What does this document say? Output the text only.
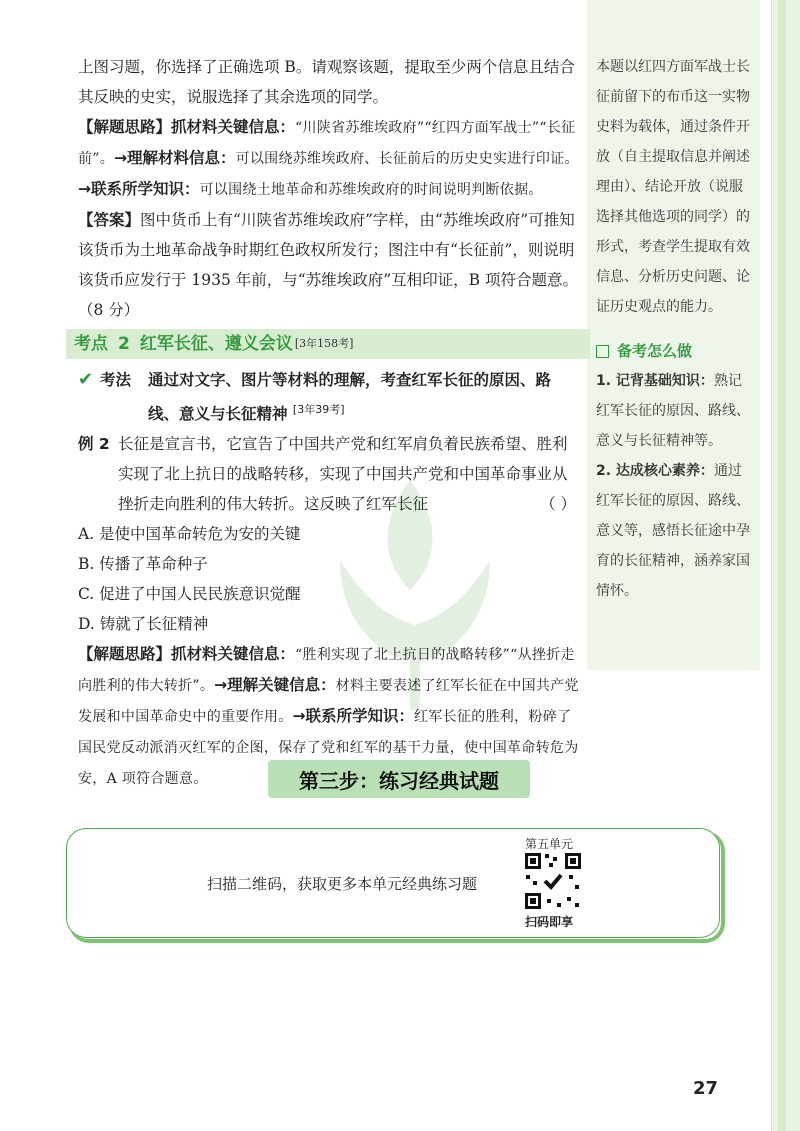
上图习题，你选择了正确选项 B。请观察该题，提取至少两个信息且结合其反映的史实，说服选择了其余选项的同学。

【解题思路】抓材料关键信息：“川陕省苏维埃政府”“红四方面军战士”“长征前”。→理解材料信息：可以围绕苏维埃政府、长征前后的历史史实进行印证。→联系所学知识：可以围绕土地革命和苏维埃政府的时间说明判断依据。

【答案】图中货币上有“川陕省苏维埃政府”字样，由“苏维埃政府”可推知该货币为土地革命战争时期红色政权所发行；图注中有“长征前”，则说明该货币应发行于 1935 年前，与“苏维埃政府”互相印证，B 项符合题意。（8 分）

考点 2 红军长征、遵义会议 [3年158考]
✔ 考法	通过对文字、图片等材料的理解，考查红军长征的原因、路线、意义与长征精神 [3年39考]
例 2 长征是宣言书，它宣告了中国共产党和红军肩负着民族希望、胜利实现了北上抗日的战略转移，实现了中国共产党和中国革命事业从挫折走向胜利的伟大转折。这反映了红军长征	（ ）

A. 是使中国革命转危为安的关键

B. 传播了革命种子

C. 促进了中国人民民族意识觉醒

D. 铸就了长征精神

【解题思路】抓材料关键信息：“胜利实现了北上抗日的战略转移”“从挫折走向胜利的伟大转折”。→理解关键信息：材料主要表述了红军长征在中国共产党发展和中国革命史中的重要作用。→联系所学知识：红军长征的胜利，粉碎了国民党反动派消灭红军的企图，保存了党和红军的基干力量，使中国革命转危为安，A 项符合题意。

本题以红四方面军战士长征前留下的布币这一实物史料为载体，通过条件开放（自主提取信息并阐述理由）、结论开放（说服选择其他选项的同学）的形式，考查学生提取有效信息、分析历史问题、论证历史观点的能力。
备考怎么做
1. 记背基础知识：熟记红军长征的原因、路线、意义与长征精神等。
2. 达成核心素养：通过红军长征的原因、路线、意义等，感悟长征途中孕育的长征精神，涵养家国情怀。
第三步：练习经典试题
扫描二维码，获取更多本单元经典练习题
第五单元
扫码即享
27
